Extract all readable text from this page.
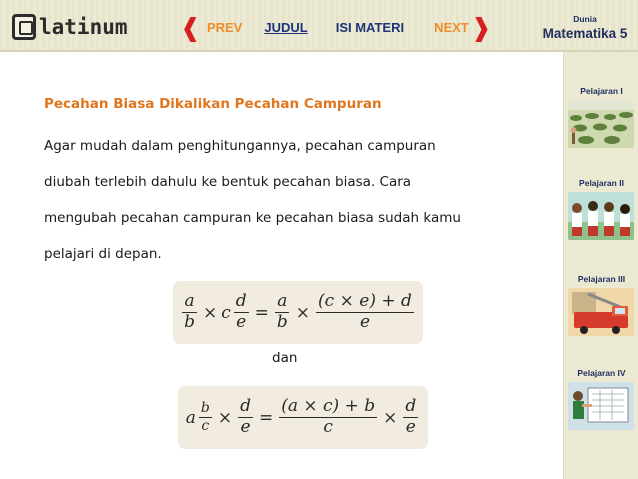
latinum ❰ PREV JUDUL ISI MATERI NEXT ❱	Dunia
Matematika 5
Pelajaran I
Pelajaran II
Pelajaran III
Pelajaran IV
Pecahan Biasa Dikalikan Pecahan Campuran
Agar mudah dalam penghitungannya, pecahan campuran
diubah terlebih dahulu ke bentuk pecahan biasa. Cara
mengubah pecahan campuran ke pecahan biasa sudah kamu
pelajari di depan.
$\frac{a}{b} \times c \frac{d}{e} = \frac{a}{b} \times \frac{(c \times e) + d}{e}$
dan
a $\frac{b}{c} \times \frac{d}{e} = \frac{(a \times c) + b}{c} \times \frac{d}{e}$
